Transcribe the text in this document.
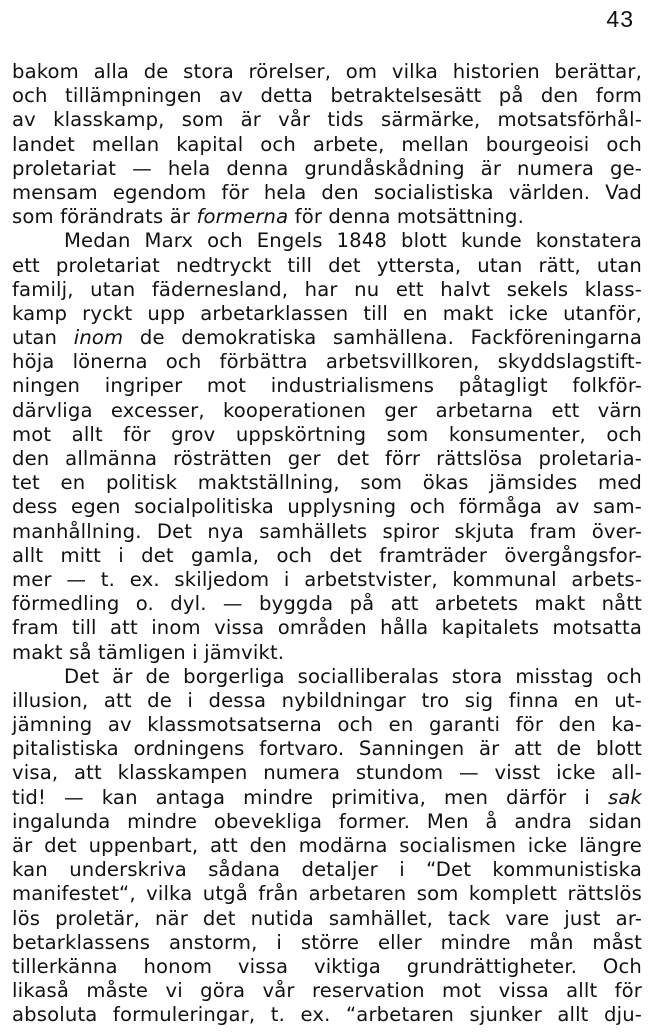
43
bakom alla de stora rörelser, om vilka historien berättar,
och tillämpningen av detta betraktelsesätt på den form
av klasskamp, som är vår tids särmärke, motsatsförhål-
landet mellan kapital och arbete, mellan bourgeoisi och
proletariat — hela denna grundåskådning är numera ge-
mensam egendom för hela den socialistiska världen. Vad
som förändrats är formerna för denna motsättning.
Medan Marx och Engels 1848 blott kunde konstatera
ett proletariat nedtryckt till det yttersta, utan rätt, utan
familj, utan fädernesland, har nu ett halvt sekels klass-
kamp ryckt upp arbetarklassen till en makt icke utanför,
utan inom de demokratiska samhällena. Fackföreningarna
höja lönerna och förbättra arbetsvillkoren, skyddslagstift-
ningen ingriper mot industrialismens påtagligt folkför-
därvliga excesser, kooperationen ger arbetarna ett värn
mot allt för grov uppskörtning som konsumenter, och
den allmänna rösträtten ger det förr rättslösa proletaria-
tet en politisk maktställning, som ökas jämsides med
dess egen socialpolitiska upplysning och förmåga av sam-
manhållning. Det nya samhällets spiror skjuta fram över-
allt mitt i det gamla, och det framträder övergångsfor-
mer — t. ex. skiljedom i arbetstvister, kommunal arbets-
förmedling o. dyl. — byggda på att arbetets makt nått
fram till att inom vissa områden hålla kapitalets motsatta
makt så tämligen i jämvikt.
Det är de borgerliga socialliberalas stora misstag och
illusion, att de i dessa nybildningar tro sig finna en ut-
jämning av klassmotsatserna och en garanti för den ka-
pitalistiska ordningens fortvaro. Sanningen är att de blott
visa, att klasskampen numera stundom — visst icke all-
tid! — kan antaga mindre primitiva, men därför i sak
ingalunda mindre obevekliga former. Men å andra sidan
är det uppenbart, att den modärna socialismen icke längre
kan underskriva sådana detaljer i “Det kommunistiska
manifestet“, vilka utgå från arbetaren som komplett rättslös
lös proletär, när det nutida samhället, tack vare just ar-
betarklassens anstorm, i större eller mindre mån måst
tillerkänna honom vissa viktiga grundrättigheter. Och
likaså måste vi göra vår reservation mot vissa allt för
absoluta formuleringar, t. ex. “arbetaren sjunker allt dju-
